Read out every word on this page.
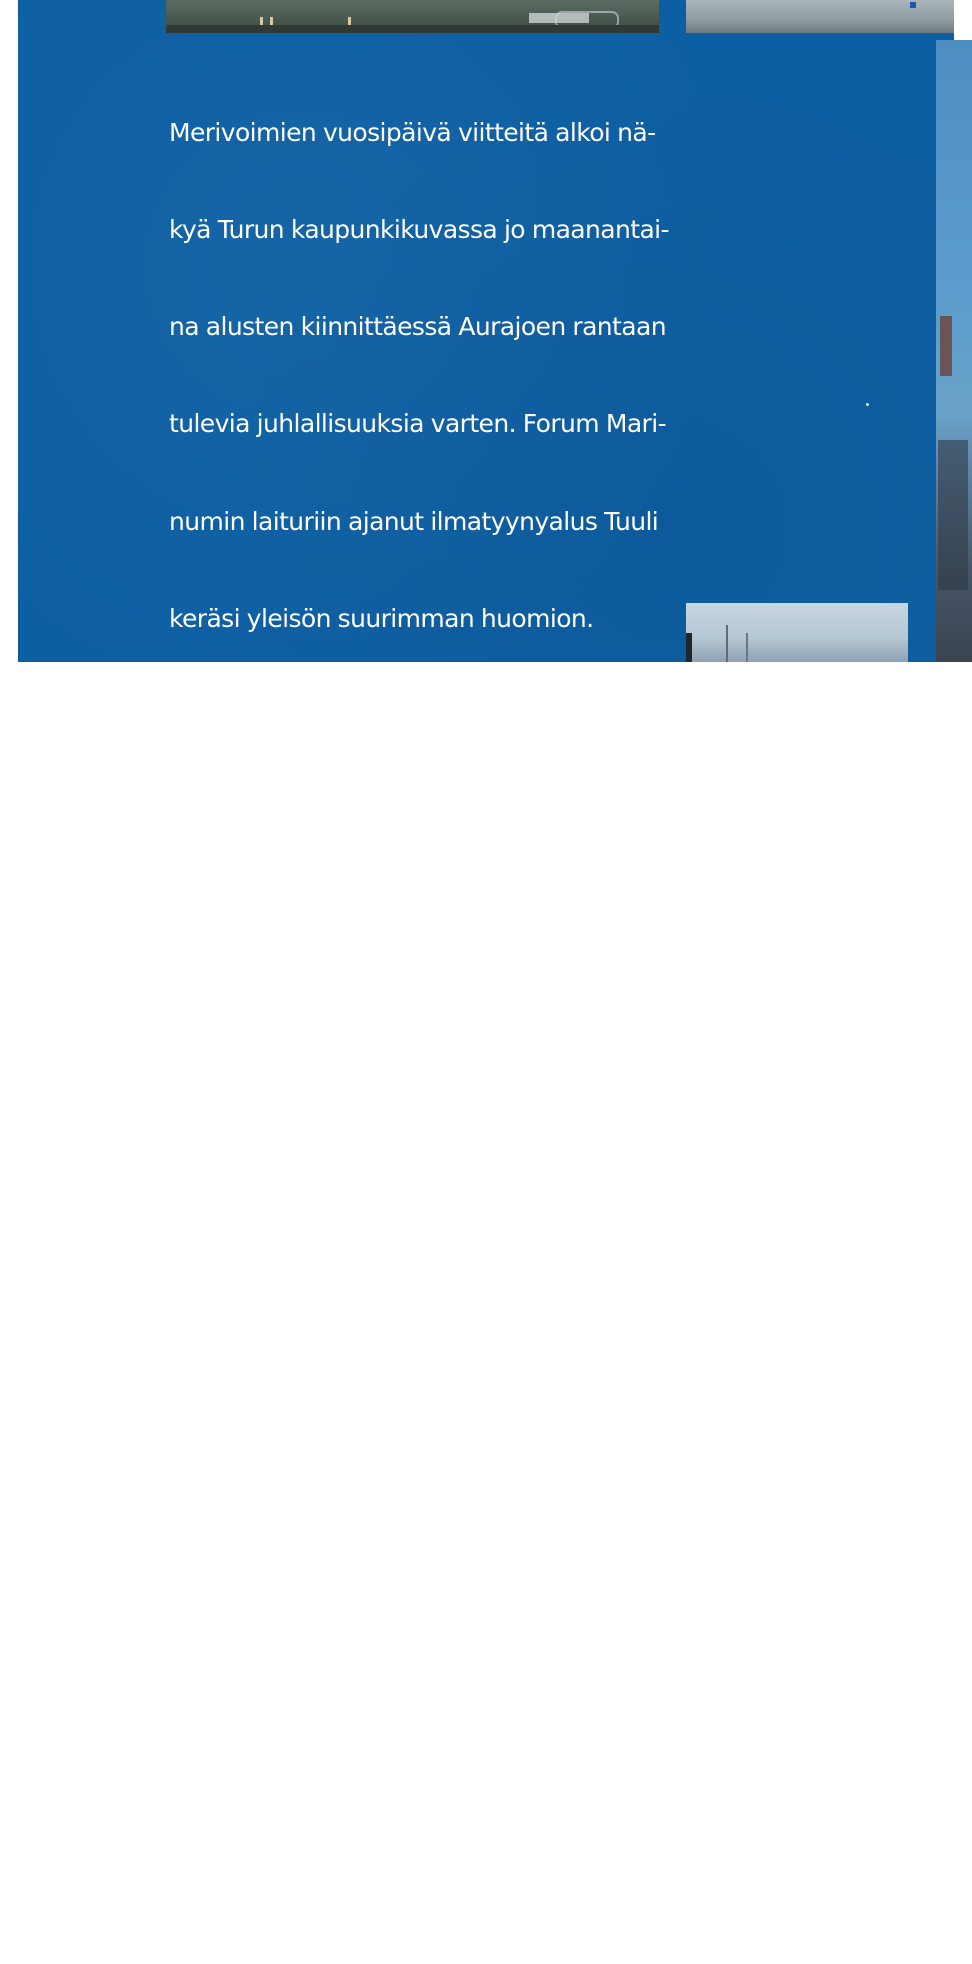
Merivoimien vuosipäivä viitteitä alkoi nä-

kyä Turun kaupunkikuvassa jo maanantai-

na alusten kiinnittäessä Aurajoen rantaan

tulevia juhlallisuuksia varten. Forum Mari-

numin laituriin ajanut ilmatyynyalus Tuuli

keräsi yleisön suurimman huomion.

Juhlapäivä aloitettiin lipunnostolla ja kent-

tähartaudella. Tämän jälkeen Merivoimien

komentaja tarkasti joukot. Päivä jatkui

seppeleenlaskulla Naantalin ristille.

Merivoimien alukset kunnioittivat iltapäi-

vän aluksi Suomen Joutsenta – satavuotias-

ta alusvanhusta – tyfoonitervehdyksellä.

Avoimet ovet keräsivät kauniissa kesäpäi-

vässä sankan yleisön. Juhlapäivän tilai-

suuksiin kuuluivat myös Merivoimat näytte-

ly, Laivaston soittokunnan laiturikonsertit

sekä luonnollisesti Sotilaskoti.

Illan päättivät Merivoimien komentajan
